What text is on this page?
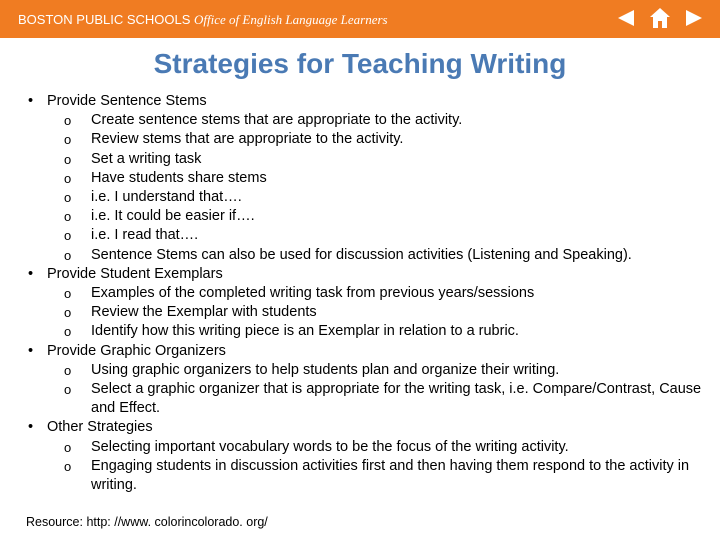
BOSTON PUBLIC SCHOOLS Office of English Language Learners
Strategies for Teaching Writing
• Provide Sentence Stems
o Create sentence stems that are appropriate to the activity.
o Review stems that are appropriate to the activity.
o Set a writing task
o Have students share stems
o i.e. I understand that….
o i.e. It could be easier if….
o i.e. I read that….
o Sentence Stems can also be used for discussion activities (Listening and Speaking).
• Provide Student Exemplars
o Examples of the completed writing task from previous years/sessions
o Review the Exemplar with students
o Identify how this writing piece is an Exemplar in relation to a rubric.
• Provide Graphic Organizers
o Using graphic organizers to help students plan and organize their writing.
o Select a graphic organizer that is appropriate for the writing task, i.e. Compare/Contrast, Cause and Effect.
• Other Strategies
o Selecting important vocabulary words to be the focus of the writing activity.
o Engaging students in discussion activities first and then having them respond to the activity in writing.
Resource: http: //www. colorincolorado. org/
